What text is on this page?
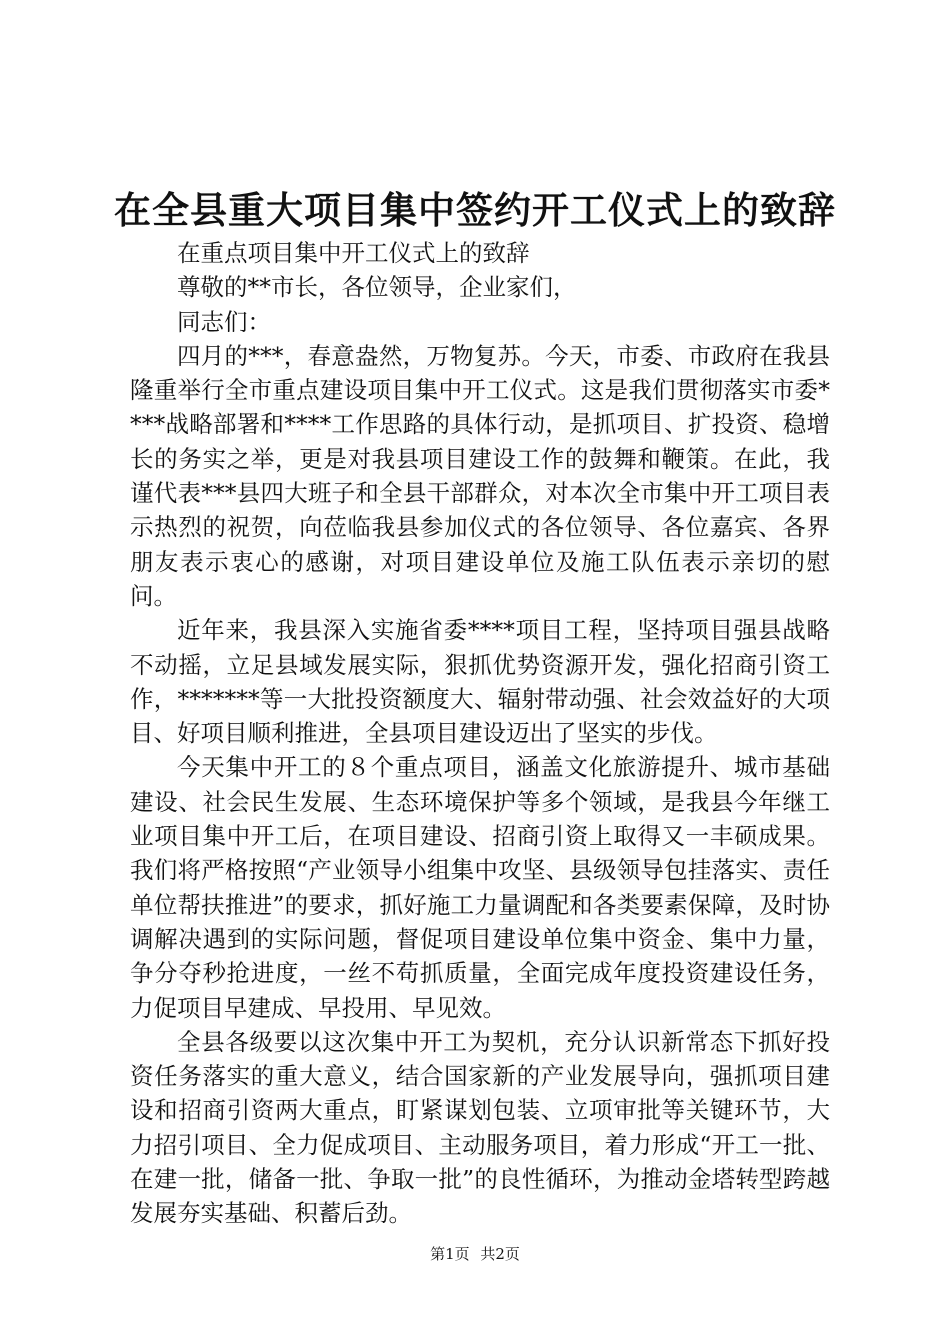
在全县重大项目集中签约开工仪式上的致辞

在重点项目集中开工仪式上的致辞

尊敬的**市长，各位领导，企业家们，

同志们：

四月的***，春意盎然，万物复苏。今天，市委、市政府在我县隆重举行全市重点建设项目集中开工仪式。这是我们贯彻落实市委****战略部署和****工作思路的具体行动，是抓项目、扩投资、稳增长的务实之举，更是对我县项目建设工作的鼓舞和鞭策。在此，我谨代表***县四大班子和全县干部群众，对本次全市集中开工项目表示热烈的祝贺，向莅临我县参加仪式的各位领导、各位嘉宾、各界朋友表示衷心的感谢，对项目建设单位及施工队伍表示亲切的慰问。

近年来，我县深入实施省委****项目工程，坚持项目强县战略不动摇，立足县域发展实际，狠抓优势资源开发，强化招商引资工作，*******等一大批投资额度大、辐射带动强、社会效益好的大项目、好项目顺利推进，全县项目建设迈出了坚实的步伐。

今天集中开工的８个重点项目，涵盖文化旅游提升、城市基础建设、社会民生发展、生态环境保护等多个领域，是我县今年继工业项目集中开工后，在项目建设、招商引资上取得又一丰硕成果。我们将严格按照“产业领导小组集中攻坚、县级领导包挂落实、责任单位帮扶推进”的要求，抓好施工力量调配和各类要素保障，及时协调解决遇到的实际问题，督促项目建设单位集中资金、集中力量，争分夺秒抢进度，一丝不苟抓质量，全面完成年度投资建设任务，力促项目早建成、早投用、早见效。

全县各级要以这次集中开工为契机，充分认识新常态下抓好投资任务落实的重大意义，结合国家新的产业发展导向，强抓项目建设和招商引资两大重点，盯紧谋划包装、立项审批等关键环节，大力招引项目、全力促成项目、主动服务项目，着力形成“开工一批、在建一批，储备一批、争取一批”的良性循环，为推动金塔转型跨越发展夯实基础、积蓄后劲。

第1页 共2页
